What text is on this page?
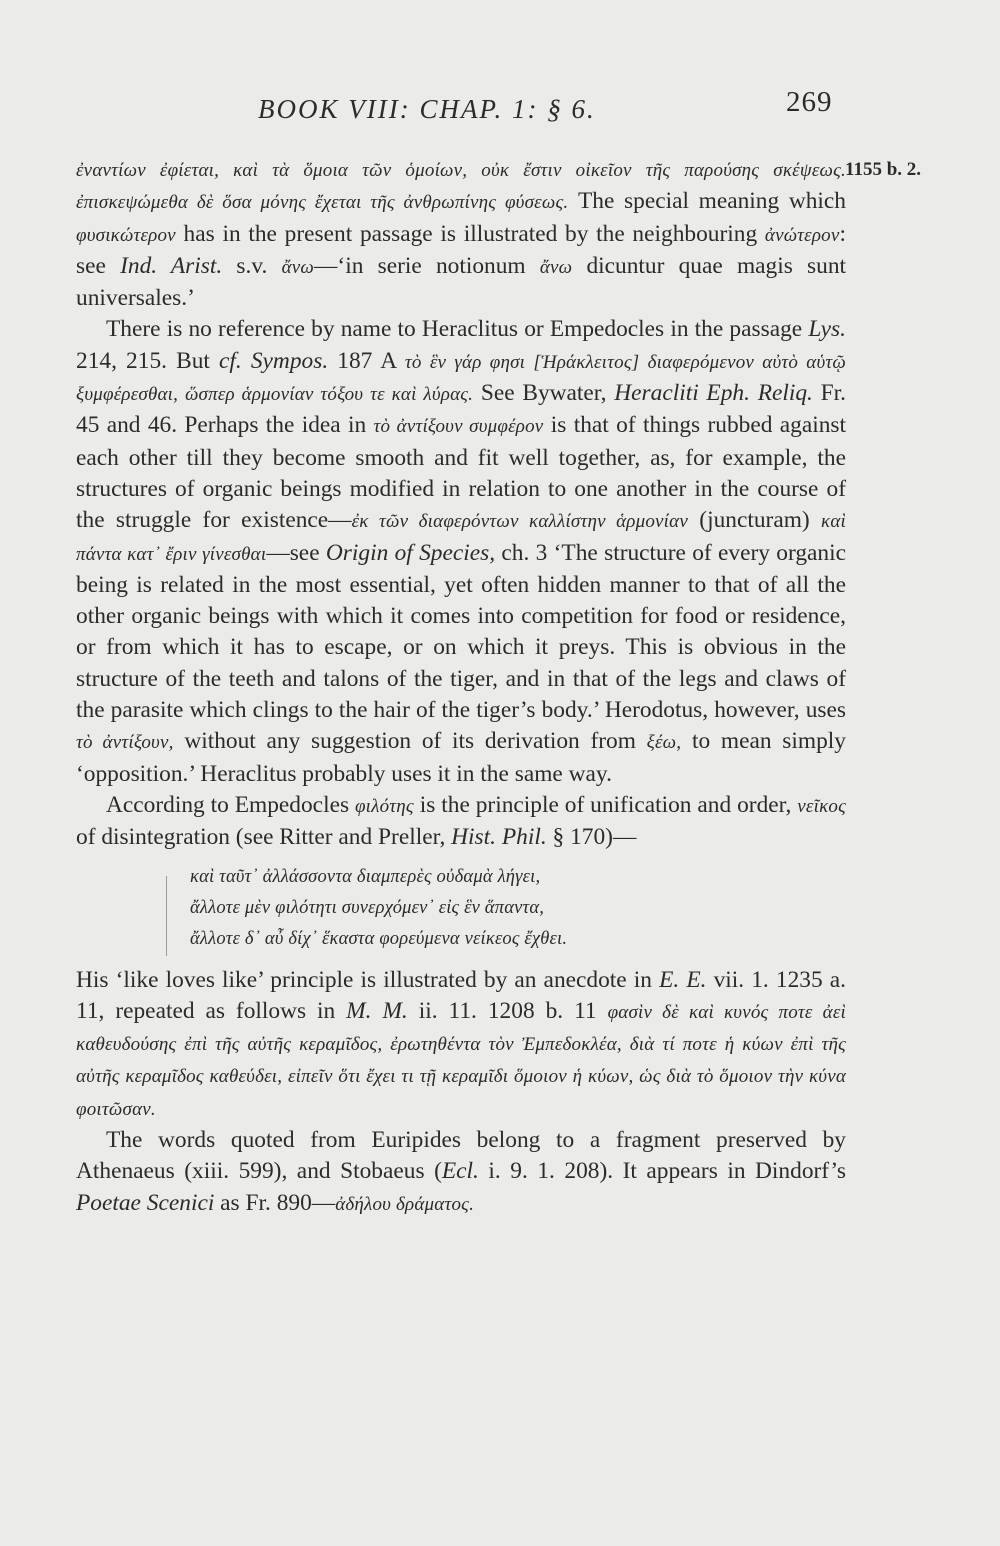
BOOK VIII: CHAP. 1: § 6.	269
1155 b. 2.

ἐναντίων ἐφίεται, καὶ τὰ ὅμοια τῶν ὁμοίων, οὐκ ἔστιν οἰκεῖον τῆς παρούσης σκέψεως. ἐπισκεψώμεθα δὲ ὅσα μόνης ἔχεται τῆς ἀνθρωπίνης φύσεως. The special meaning which φυσικώτερον has in the present passage is illustrated by the neighbouring ἀνώτερον: see Ind. Arist. s.v. ἄνω—‘in serie notionum ἄνω dicuntur quae magis sunt universales.’

There is no reference by name to Heraclitus or Empedocles in the passage Lys. 214, 215. But cf. Sympos. 187 A τὸ ἓν γάρ φησι [Ἡράκλειτος] διαφερόμενον αὐτὸ αὑτῷ ξυμφέρεσθαι, ὥσπερ ἁρμονίαν τόξου τε καὶ λύρας. See Bywater, Heracliti Eph. Reliq. Fr. 45 and 46. Perhaps the idea in τὸ ἀντίξουν συμφέρον is that of things rubbed against each other till they become smooth and fit well together, as, for example, the structures of organic beings modified in relation to one another in the course of the struggle for existence—ἐκ τῶν διαφερόντων καλλίστην ἁρμονίαν (juncturam) καὶ πάντα κατ᾽ ἔριν γίνεσθαι—see Origin of Species, ch. 3 ‘The structure of every organic being is related in the most essential, yet often hidden manner to that of all the other organic beings with which it comes into competition for food or residence, or from which it has to escape, or on which it preys. This is obvious in the structure of the teeth and talons of the tiger, and in that of the legs and claws of the parasite which clings to the hair of the tiger’s body.’ Herodotus, however, uses τὸ ἀντίξουν, without any suggestion of its derivation from ξέω, to mean simply ‘opposition.’ Heraclitus probably uses it in the same way.

According to Empedocles φιλότης is the principle of unification and order, νεῖκος of disintegration (see Ritter and Preller, Hist. Phil. § 170)—

καὶ ταῦτ᾽ ἀλλάσσοντα διαμπερὲς οὐδαμὰ λήγει,
ἄλλοτε μὲν φιλότητι συνερχόμεν᾽ εἰς ἓν ἅπαντα,
ἄλλοτε δ᾽ αὖ δίχ᾽ ἕκαστα φορεύμενα νείκεος ἔχθει.

His ‘like loves like’ principle is illustrated by an anecdote in E. E. vii. 1. 1235 a. 11, repeated as follows in M. M. ii. 11. 1208 b. 11 φασὶν δὲ καὶ κυνός ποτε ἀεὶ καθευδούσης ἐπὶ τῆς αὐτῆς κεραμῖδος, ἐρωτηθέντα τὸν Ἐμπεδοκλέα, διὰ τί ποτε ἡ κύων ἐπὶ τῆς αὐτῆς κεραμῖδος καθεύδει, εἰπεῖν ὅτι ἔχει τι τῇ κεραμῖδι ὅμοιον ἡ κύων, ὡς διὰ τὸ ὅμοιον τὴν κύνα φοιτῶσαν.

The words quoted from Euripides belong to a fragment preserved by Athenaeus (xiii. 599), and Stobaeus (Ecl. i. 9. 1. 208). It appears in Dindorf’s Poetae Scenici as Fr. 890—ἀδήλου δράματος.
